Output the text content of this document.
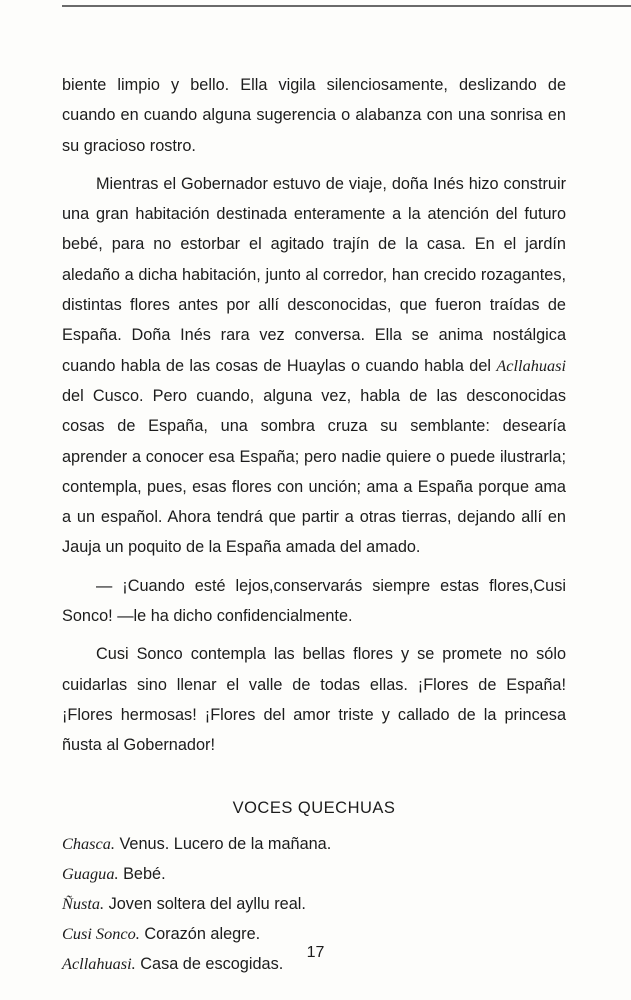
biente limpio y bello. Ella vigila silenciosamente, deslizando de cuando en cuando alguna sugerencia o alabanza con una sonrisa en su gracioso rostro.

Mientras el Gobernador estuvo de viaje, doña Inés hizo construir una gran habitación destinada enteramente a la atención del futuro bebé, para no estorbar el agitado trajín de la casa. En el jardín aledaño a dicha habitación, junto al corredor, han crecido rozagantes, distintas flores antes por allí desconocidas, que fueron traídas de España. Doña Inés rara vez conversa. Ella se anima nostálgica cuando habla de las cosas de Huaylas o cuando habla del Acllahuasi del Cusco. Pero cuando, alguna vez, habla de las desconocidas cosas de España, una sombra cruza su semblante: desearía aprender a conocer esa España; pero nadie quiere o puede ilustrarla; contempla, pues, esas flores con unción; ama a España porque ama a un español. Ahora tendrá que partir a otras tierras, dejando allí en Jauja un poquito de la España amada del amado.

— ¡Cuando esté lejos,conservarás siempre estas flores,Cusi Sonco! —le ha dicho confidencialmente.

Cusi Sonco contempla las bellas flores y se promete no sólo cuidarlas sino llenar el valle de todas ellas. ¡Flores de España! ¡Flores hermosas! ¡Flores del amor triste y callado de la princesa ñusta al Gobernador!

VOCES QUECHUAS
Chasca. Venus. Lucero de la mañana.
Guagua. Bebé.
Ñusta. Joven soltera del ayllu real.
Cusi Sonco. Corazón alegre.
Acllahuasi. Casa de escogidas.
17
